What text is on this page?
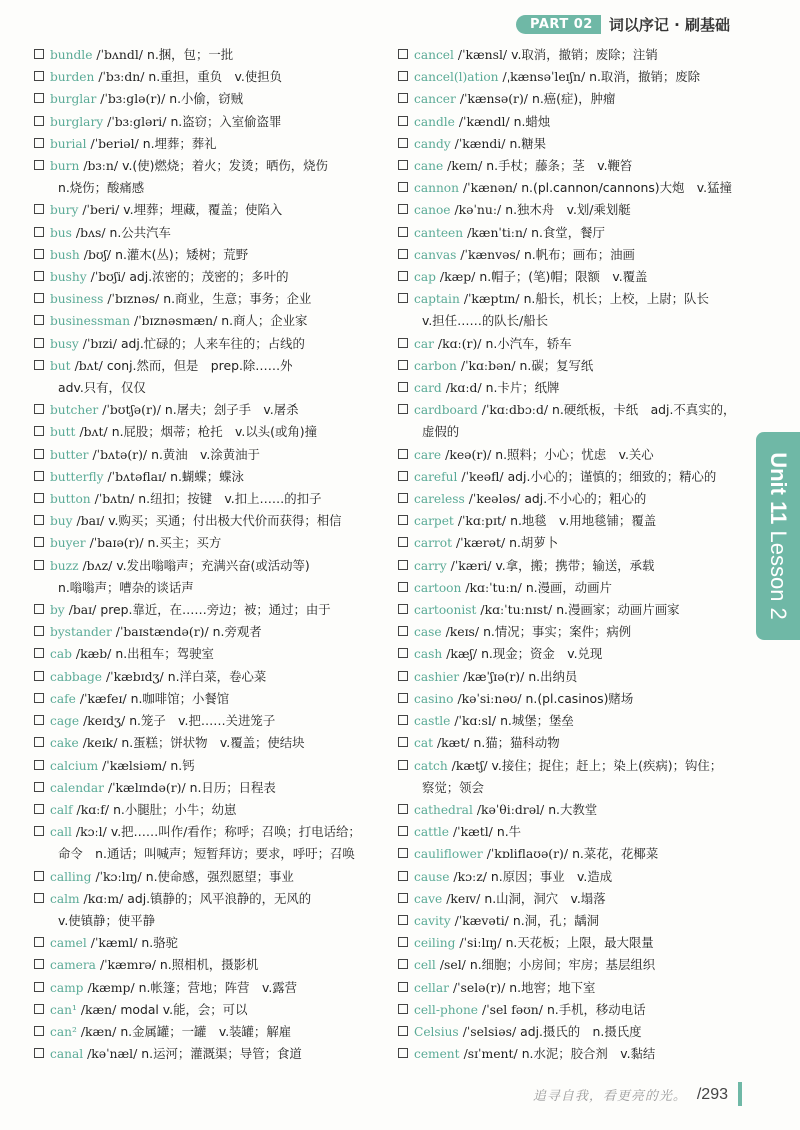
PART 02	词以序记 · 刷基础
bundle /ˈbʌndl/ n.捆，包；一批
burden /ˈbɜːdn/ n.重担，重负　v.使担负
burglar /ˈbɜːglə(r)/ n.小偷，窃贼
burglary /ˈbɜːgləri/ n.盗窃；入室偷盗罪
burial /ˈberiəl/ n.埋葬；葬礼
burn /bɜːn/ v.(使)燃烧；着火；发烫；晒伤，烧伤
n.烧伤；酸痛感
bury /ˈberi/ v.埋葬；埋藏，覆盖；使陷入
bus /bʌs/ n.公共汽车
bush /bʊʃ/ n.灌木(丛)；矮树；荒野
bushy /ˈbʊʃi/ adj.浓密的；茂密的；多叶的
business /ˈbɪznəs/ n.商业，生意；事务；企业
businessman /ˈbɪznəsmæn/ n.商人；企业家
busy /ˈbɪzi/ adj.忙碌的；人来车往的；占线的
but /bʌt/ conj.然而，但是　prep.除……外
adv.只有，仅仅
butcher /ˈbʊtʃə(r)/ n.屠夫；刽子手　v.屠杀
butt /bʌt/ n.屁股；烟蒂；枪托　v.以头(或角)撞
butter /ˈbʌtə(r)/ n.黄油　v.涂黄油于
butterfly /ˈbʌtəflaɪ/ n.蝴蝶；蝶泳
button /ˈbʌtn/ n.纽扣；按键　v.扣上……的扣子
buy /baɪ/ v.购买；买通；付出极大代价而获得；相信
buyer /ˈbaɪə(r)/ n.买主；买方
buzz /bʌz/ v.发出嗡嗡声；充满兴奋(或活动等)
n.嗡嗡声；嘈杂的谈话声
by /baɪ/ prep.靠近，在……旁边；被；通过；由于
bystander /ˈbaɪstændə(r)/ n.旁观者
cab /kæb/ n.出租车；驾驶室
cabbage /ˈkæbɪdʒ/ n.洋白菜，卷心菜
cafe /ˈkæfeɪ/ n.咖啡馆；小餐馆
cage /keɪdʒ/ n.笼子　v.把……关进笼子
cake /keɪk/ n.蛋糕；饼状物　v.覆盖；使结块
calcium /ˈkælsiəm/ n.钙
calendar /ˈkælɪndə(r)/ n.日历；日程表
calf /kɑːf/ n.小腿肚；小牛；幼崽
call /kɔːl/ v.把……叫作/看作；称呼；召唤；打电话给；
命令　n.通话；叫喊声；短暂拜访；要求，呼吁；召唤
calling /ˈkɔːlɪŋ/ n.使命感，强烈愿望；事业
calm /kɑːm/ adj.镇静的；风平浪静的，无风的
v.使镇静；使平静
camel /ˈkæml/ n.骆驼
camera /ˈkæmrə/ n.照相机，摄影机
camp /kæmp/ n.帐篷；营地；阵营　v.露营
can¹ /kæn/ modal v.能，会；可以
can² /kæn/ n.金属罐；一罐　v.装罐；解雇
canal /kəˈnæl/ n.运河；灌溉渠；导管；食道
cancel /ˈkænsl/ v.取消，撤销；废除；注销
cancel(l)ation /ˌkænsəˈleɪʃn/ n.取消，撤销；废除
cancer /ˈkænsə(r)/ n.癌(症)，肿瘤
candle /ˈkændl/ n.蜡烛
candy /ˈkændi/ n.糖果
cane /keɪn/ n.手杖；藤条；茎　v.鞭笞
cannon /ˈkænən/ n.(pl.cannon/cannons)大炮　v.猛撞
canoe /kəˈnuː/ n.独木舟　v.划/乘划艇
canteen /kænˈtiːn/ n.食堂，餐厅
canvas /ˈkænvəs/ n.帆布；画布；油画
cap /kæp/ n.帽子；(笔)帽；限额　v.覆盖
captain /ˈkæptɪn/ n.船长，机长；上校，上尉；队长
v.担任……的队长/船长
car /kɑː(r)/ n.小汽车，轿车
carbon /ˈkɑːbən/ n.碳；复写纸
card /kɑːd/ n.卡片；纸牌
cardboard /ˈkɑːdbɔːd/ n.硬纸板，卡纸　adj.不真实的，
虚假的
care /keə(r)/ n.照料；小心；忧虑　v.关心
careful /ˈkeəfl/ adj.小心的；谨慎的；细致的；精心的
careless /ˈkeələs/ adj.不小心的；粗心的
carpet /ˈkɑːpɪt/ n.地毯　v.用地毯铺；覆盖
carrot /ˈkærət/ n.胡萝卜
carry /ˈkæri/ v.拿，搬；携带；输送，承载
cartoon /kɑːˈtuːn/ n.漫画，动画片
cartoonist /kɑːˈtuːnɪst/ n.漫画家；动画片画家
case /keɪs/ n.情况；事实；案件；病例
cash /kæʃ/ n.现金；资金　v.兑现
cashier /kæˈʃɪə(r)/ n.出纳员
casino /kəˈsiːnəʊ/ n.(pl.casinos)赌场
castle /ˈkɑːsl/ n.城堡；堡垒
cat /kæt/ n.猫；猫科动物
catch /kætʃ/ v.接住；捉住；赶上；染上(疾病)；钩住；
察觉；领会
cathedral /kəˈθiːdrəl/ n.大教堂
cattle /ˈkætl/ n.牛
cauliflower /ˈkɒliflaʊə(r)/ n.菜花，花椰菜
cause /kɔːz/ n.原因；事业　v.造成
cave /keɪv/ n.山洞，洞穴　v.塌落
cavity /ˈkævəti/ n.洞，孔；龋洞
ceiling /ˈsiːlɪŋ/ n.天花板；上限，最大限量
cell /sel/ n.细胞；小房间；牢房；基层组织
cellar /ˈselə(r)/ n.地窖；地下室
cell-phone /ˈsel fəʊn/ n.手机，移动电话
Celsius /ˈselsiəs/ adj.摄氏的　n.摄氏度
cement /sɪˈment/ n.水泥；胶合剂　v.黏结
Unit 11 Lesson 2
追寻自我，看更亮的光。 /293
